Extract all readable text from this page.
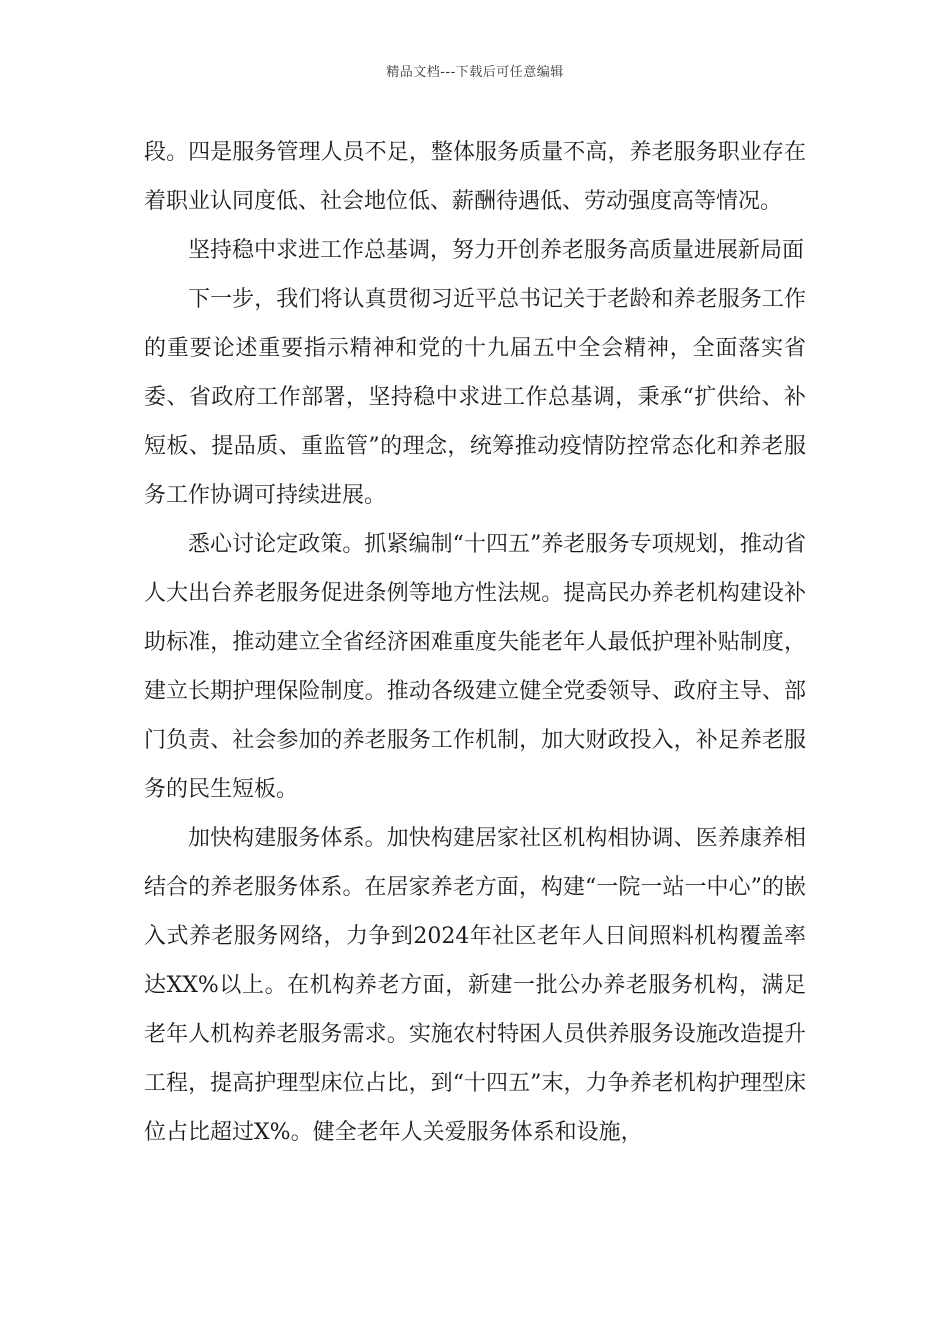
精品文档---下载后可任意编辑

段。四是服务管理人员不足，整体服务质量不高，养老服务职业存在着职业认同度低、社会地位低、薪酬待遇低、劳动强度高等情况。

坚持稳中求进工作总基调，努力开创养老服务高质量进展新局面

下一步，我们将认真贯彻习近平总书记关于老龄和养老服务工作的重要论述重要指示精神和党的十九届五中全会精神，全面落实省委、省政府工作部署，坚持稳中求进工作总基调，秉承“扩供给、补短板、提品质、重监管”的理念，统筹推动疫情防控常态化和养老服务工作协调可持续进展。

悉心讨论定政策。抓紧编制“十四五”养老服务专项规划，推动省人大出台养老服务促进条例等地方性法规。提高民办养老机构建设补助标准，推动建立全省经济困难重度失能老年人最低护理补贴制度，建立长期护理保险制度。推动各级建立健全党委领导、政府主导、部门负责、社会参加的养老服务工作机制，加大财政投入，补足养老服务的民生短板。

加快构建服务体系。加快构建居家社区机构相协调、医养康养相结合的养老服务体系。在居家养老方面，构建“一院一站一中心”的嵌入式养老服务网络，力争到2024年社区老年人日间照料机构覆盖率达XX%以上。在机构养老方面，新建一批公办养老服务机构，满足老年人机构养老服务需求。实施农村特困人员供养服务设施改造提升工程，提高护理型床位占比，到“十四五”末，力争养老机构护理型床位占比超过X%。健全老年人关爱服务体系和设施，
